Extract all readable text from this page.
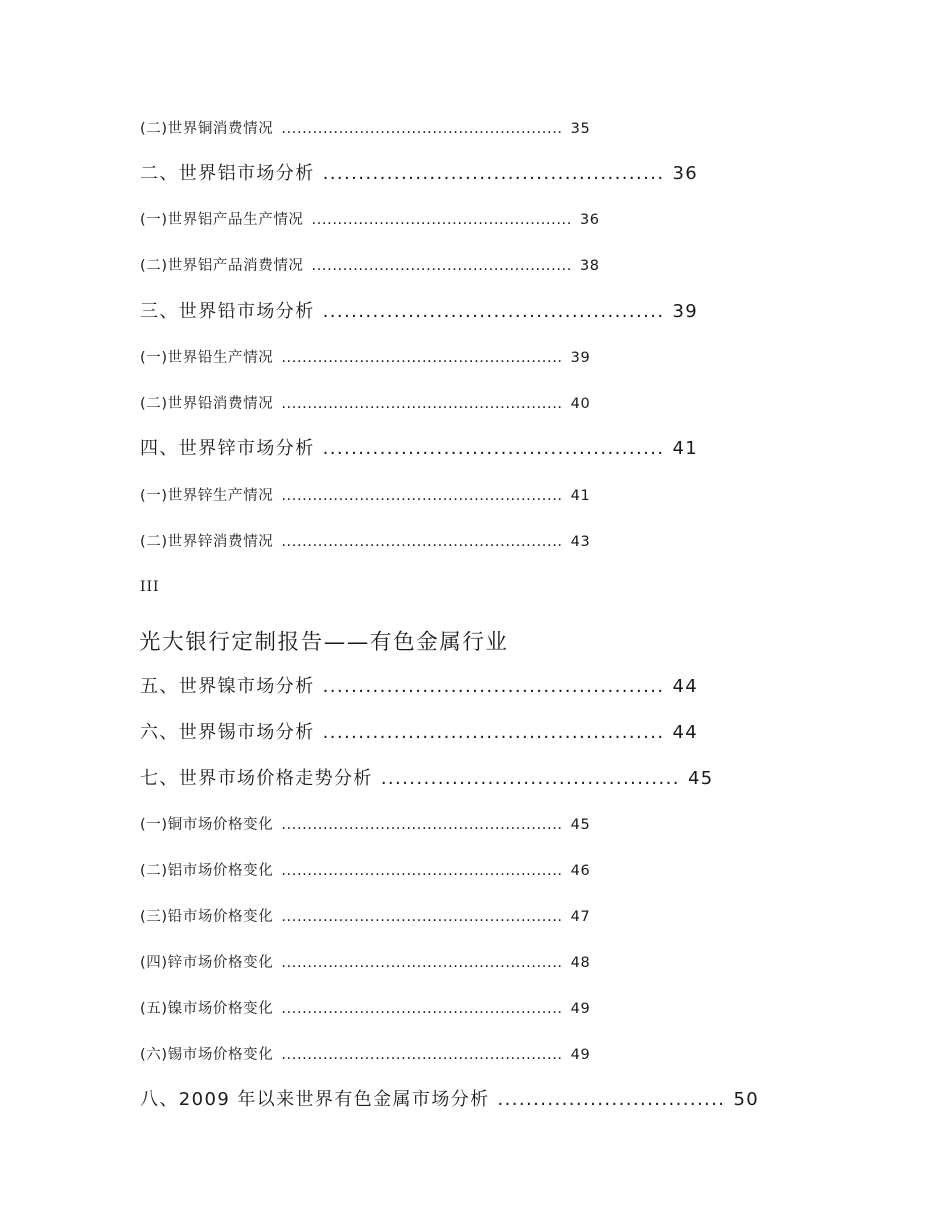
(二)世界铜消费情况 ...................................................... 35
二、世界铝市场分析 ................................................ 36
(一)世界铝产品生产情况 .................................................. 36
(二)世界铝产品消费情况 .................................................. 38
三、世界铅市场分析 ................................................ 39
(一)世界铅生产情况 ...................................................... 39
(二)世界铅消费情况 ...................................................... 40
四、世界锌市场分析 ................................................ 41
(一)世界锌生产情况 ...................................................... 41
(二)世界锌消费情况 ...................................................... 43
III
光大银行定制报告——有色金属行业
五、世界镍市场分析 ................................................ 44
六、世界锡市场分析 ................................................ 44
七、世界市场价格走势分析 .......................................... 45
(一)铜市场价格变化 ...................................................... 45
(二)铝市场价格变化 ...................................................... 46
(三)铅市场价格变化 ...................................................... 47
(四)锌市场价格变化 ...................................................... 48
(五)镍市场价格变化 ...................................................... 49
(六)锡市场价格变化 ...................................................... 49
八、2009 年以来世界有色金属市场分析 ................................ 50
